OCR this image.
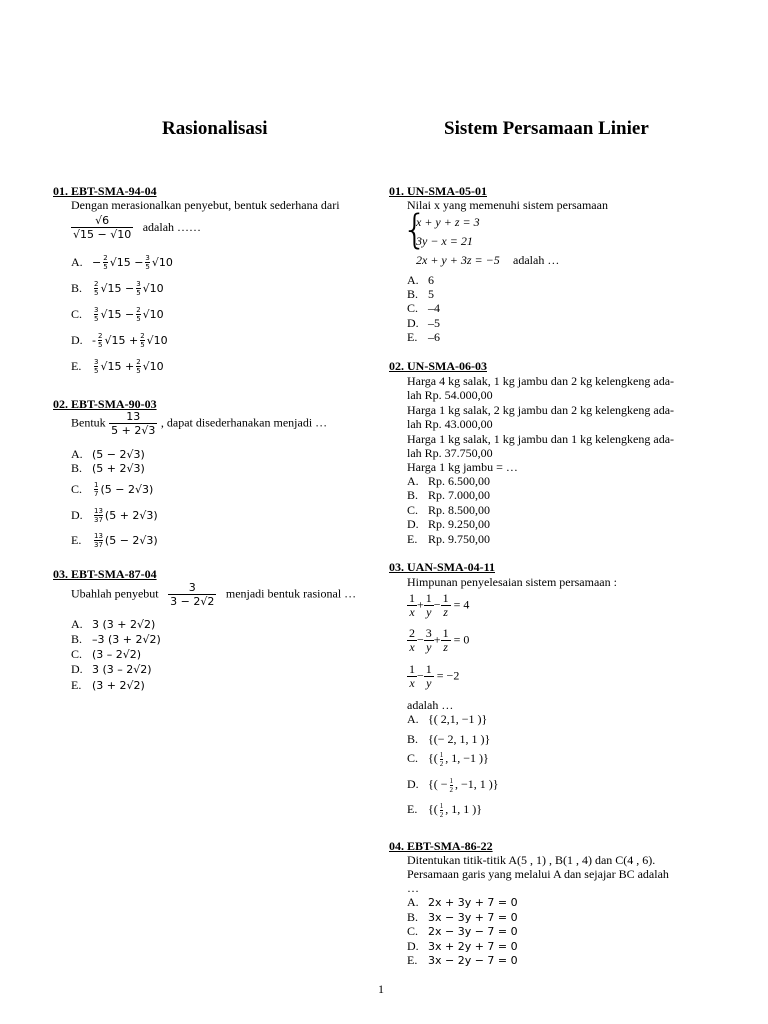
Rasionalisasi	Sistem Persamaan Linier
01. EBT-SMA-94-04
Dengan merasionalkan penyebut, bentuk sederhana dari
$\frac{√6}{√15 - √10}$ adalah ……
A. − $\frac{2}{5} √15 - \frac{3}{5} √10$
B. $\frac{2}{5} √15 - \frac{3}{5} √10$
C. $\frac{3}{5} √15 - \frac{2}{5} √10$
D. - $\frac{2}{5} √15 + \frac{2}{5} √10$
E. $\frac{3}{5} √15 + \frac{2}{5} √10$
02. EBT-SMA-90-03
Bentuk $\frac{13}{5 + 2√3}$ , dapat disederhanakan menjadi …
A. (5 − 2√3)
B. (5 + 2√3)
C. $\frac{1}{7} (5 - 2√3)$
D. $\frac{13}{37} (5 + 2√3)$
E. $\frac{13}{37} (5 - 2√3)$
03. EBT-SMA-87-04
Ubahlah penyebut $\frac{3}{3 - 2√2}$ menjadi bentuk rasional …
A. 3 (3 + 2√2)
B. –3 (3 + 2√2)
C. (3 – 2√2)
D. 3 (3 – 2√2)
E. (3 + 2√2)
01. UN-SMA-05-01
Nilai x yang memenuhi sistem persamaan
{
x + y + z = 3
3y − x = 21
2x + y + 3z = −5 adalah …
A. 6
B. 5
C. –4
D. –5
E. –6
02. UN-SMA-06-03
Harga 4 kg salak, 1 kg jambu dan 2 kg kelengkeng ada-
lah Rp. 54.000,00
Harga 1 kg salak, 2 kg jambu dan 2 kg kelengkeng ada-
lah Rp. 43.000,00
Harga 1 kg salak, 1 kg jambu dan 1 kg kelengkeng ada-
lah Rp. 37.750,00
Harga 1 kg jambu = …
A. Rp. 6.500,00
B. Rp. 7.000,00
C. Rp. 8.500,00
D. Rp. 9.250,00
E. Rp. 9.750,00
03. UAN-SMA-04-11
Himpunan penyelesaian sistem persamaan :
$\frac{1}{x} + \frac{1}{y} - \frac{1}{z} = 4$
$\frac{2}{x} - \frac{3}{y} + \frac{1}{z} = 0$
$\frac{1}{x} - \frac{1}{y} = -2$
adalah …
A. {( 2,1, −1 )}
B. {(− 2, 1, 1 )}
C. {( $\frac{1}{2}$ , 1, −1 )}
D. {( − $\frac{1}{2}$ , −1, 1 )}
E. {( $\frac{1}{2}$ , 1, 1 )}
04. EBT-SMA-86-22
Ditentukan titik-titik A(5 , 1) , B(1 , 4) dan C(4 , 6).
Persamaan garis yang melalui A dan sejajar BC adalah
…
A. 2x + 3y + 7 = 0
B. 3x − 3y + 7 = 0
C. 2x − 3y − 7 = 0
D. 3x + 2y + 7 = 0
E. 3x − 2y − 7 = 0
1
